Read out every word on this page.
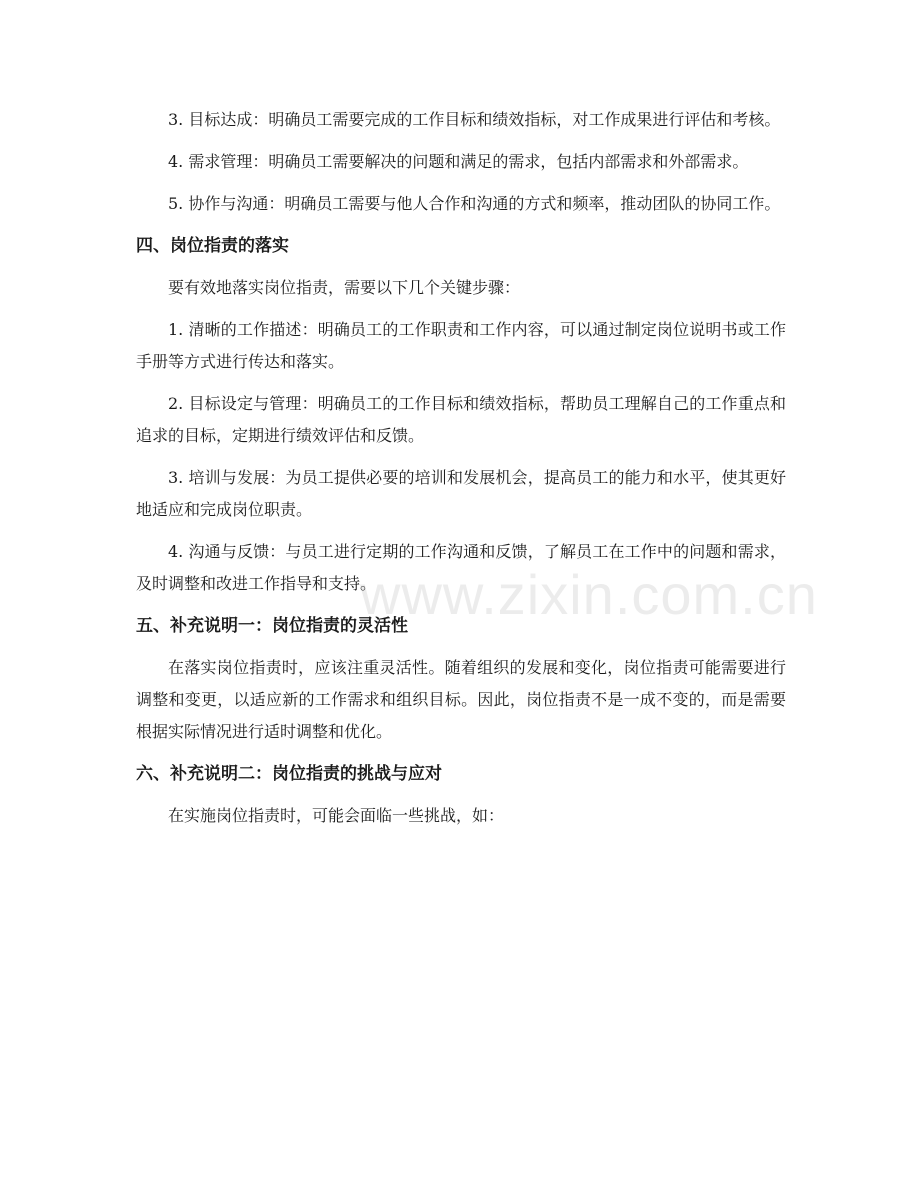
3. 目标达成：明确员工需要完成的工作目标和绩效指标，对工作成果进行评估和考核。

4. 需求管理：明确员工需要解决的问题和满足的需求，包括内部需求和外部需求。

5. 协作与沟通：明确员工需要与他人合作和沟通的方式和频率，推动团队的协同工作。

四、岗位指责的落实

要有效地落实岗位指责，需要以下几个关键步骤：

1. 清晰的工作描述：明确员工的工作职责和工作内容，可以通过制定岗位说明书或工作手册等方式进行传达和落实。

2. 目标设定与管理：明确员工的工作目标和绩效指标，帮助员工理解自己的工作重点和追求的目标，定期进行绩效评估和反馈。

3. 培训与发展：为员工提供必要的培训和发展机会，提高员工的能力和水平，使其更好地适应和完成岗位职责。

4. 沟通与反馈：与员工进行定期的工作沟通和反馈，了解员工在工作中的问题和需求，及时调整和改进工作指导和支持。

五、补充说明一：岗位指责的灵活性

在落实岗位指责时，应该注重灵活性。随着组织的发展和变化，岗位指责可能需要进行调整和变更，以适应新的工作需求和组织目标。因此，岗位指责不是一成不变的，而是需要根据实际情况进行适时调整和优化。

六、补充说明二：岗位指责的挑战与应对

在实施岗位指责时，可能会面临一些挑战，如：

www.zixin.com.cn
